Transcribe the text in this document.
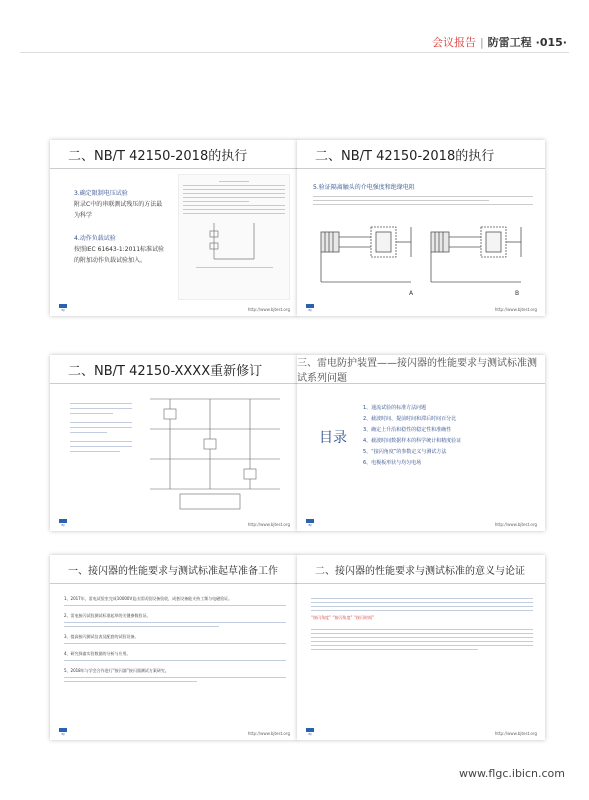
会议报告 | 防雷工程 ·015·
二、NB/T 42150-2018的执行
3.确定限制电压试验
附录C中的串联测试残压的方法最为科学
4.动作负载试验
按照IEC 61643-1:2011标准试验的附加动作负载试验加入。
BJ	http://www.bjtest.org
二、NB/T 42150-2018的执行
5.验证隔离触头的介电强度和绝缘电阻
A	B
BJ	http://www.bjtest.org
二、NB/T 42150-XXXX重新修订
BJ	http://www.bjtest.org
三、雷电防护装置——接闪器的性能要求与测试标准测试系列问题
目录
1、通流试验的标准方法问题
2、截波时间、提前时间和滞后时间百分比
3、确定上升沿和稳性的稳定性和准确性
4、截波时间数据样本的科学统计和精度验证
5、“接闪角度”的参数定义与测试方法
6、电极板形状与均匀电场
BJ	http://www.bjtest.org
一、接闪器的性能要求与测试标准起草准备工作
1、2017年，雷电试验室完成10000V直击雷试验设备验收，成套设备能支持工频与电磁验证。
2、雷电接闪试验测试标准起草的关键参数验证。
3、提高接闪测试仪表及配套的试验设备。
4、研究探索实验数据的分析与应用。
5、2018年与学会合作进行“接闪器”接闪器测试方案研究。
BJ	http://www.bjtest.org
二、接闪器的性能要求与测试标准的意义与论证
“接闪角度” “接闪角度” “接闪时间”
BJ	http://www.bjtest.org
www.flgc.ibicn.com
